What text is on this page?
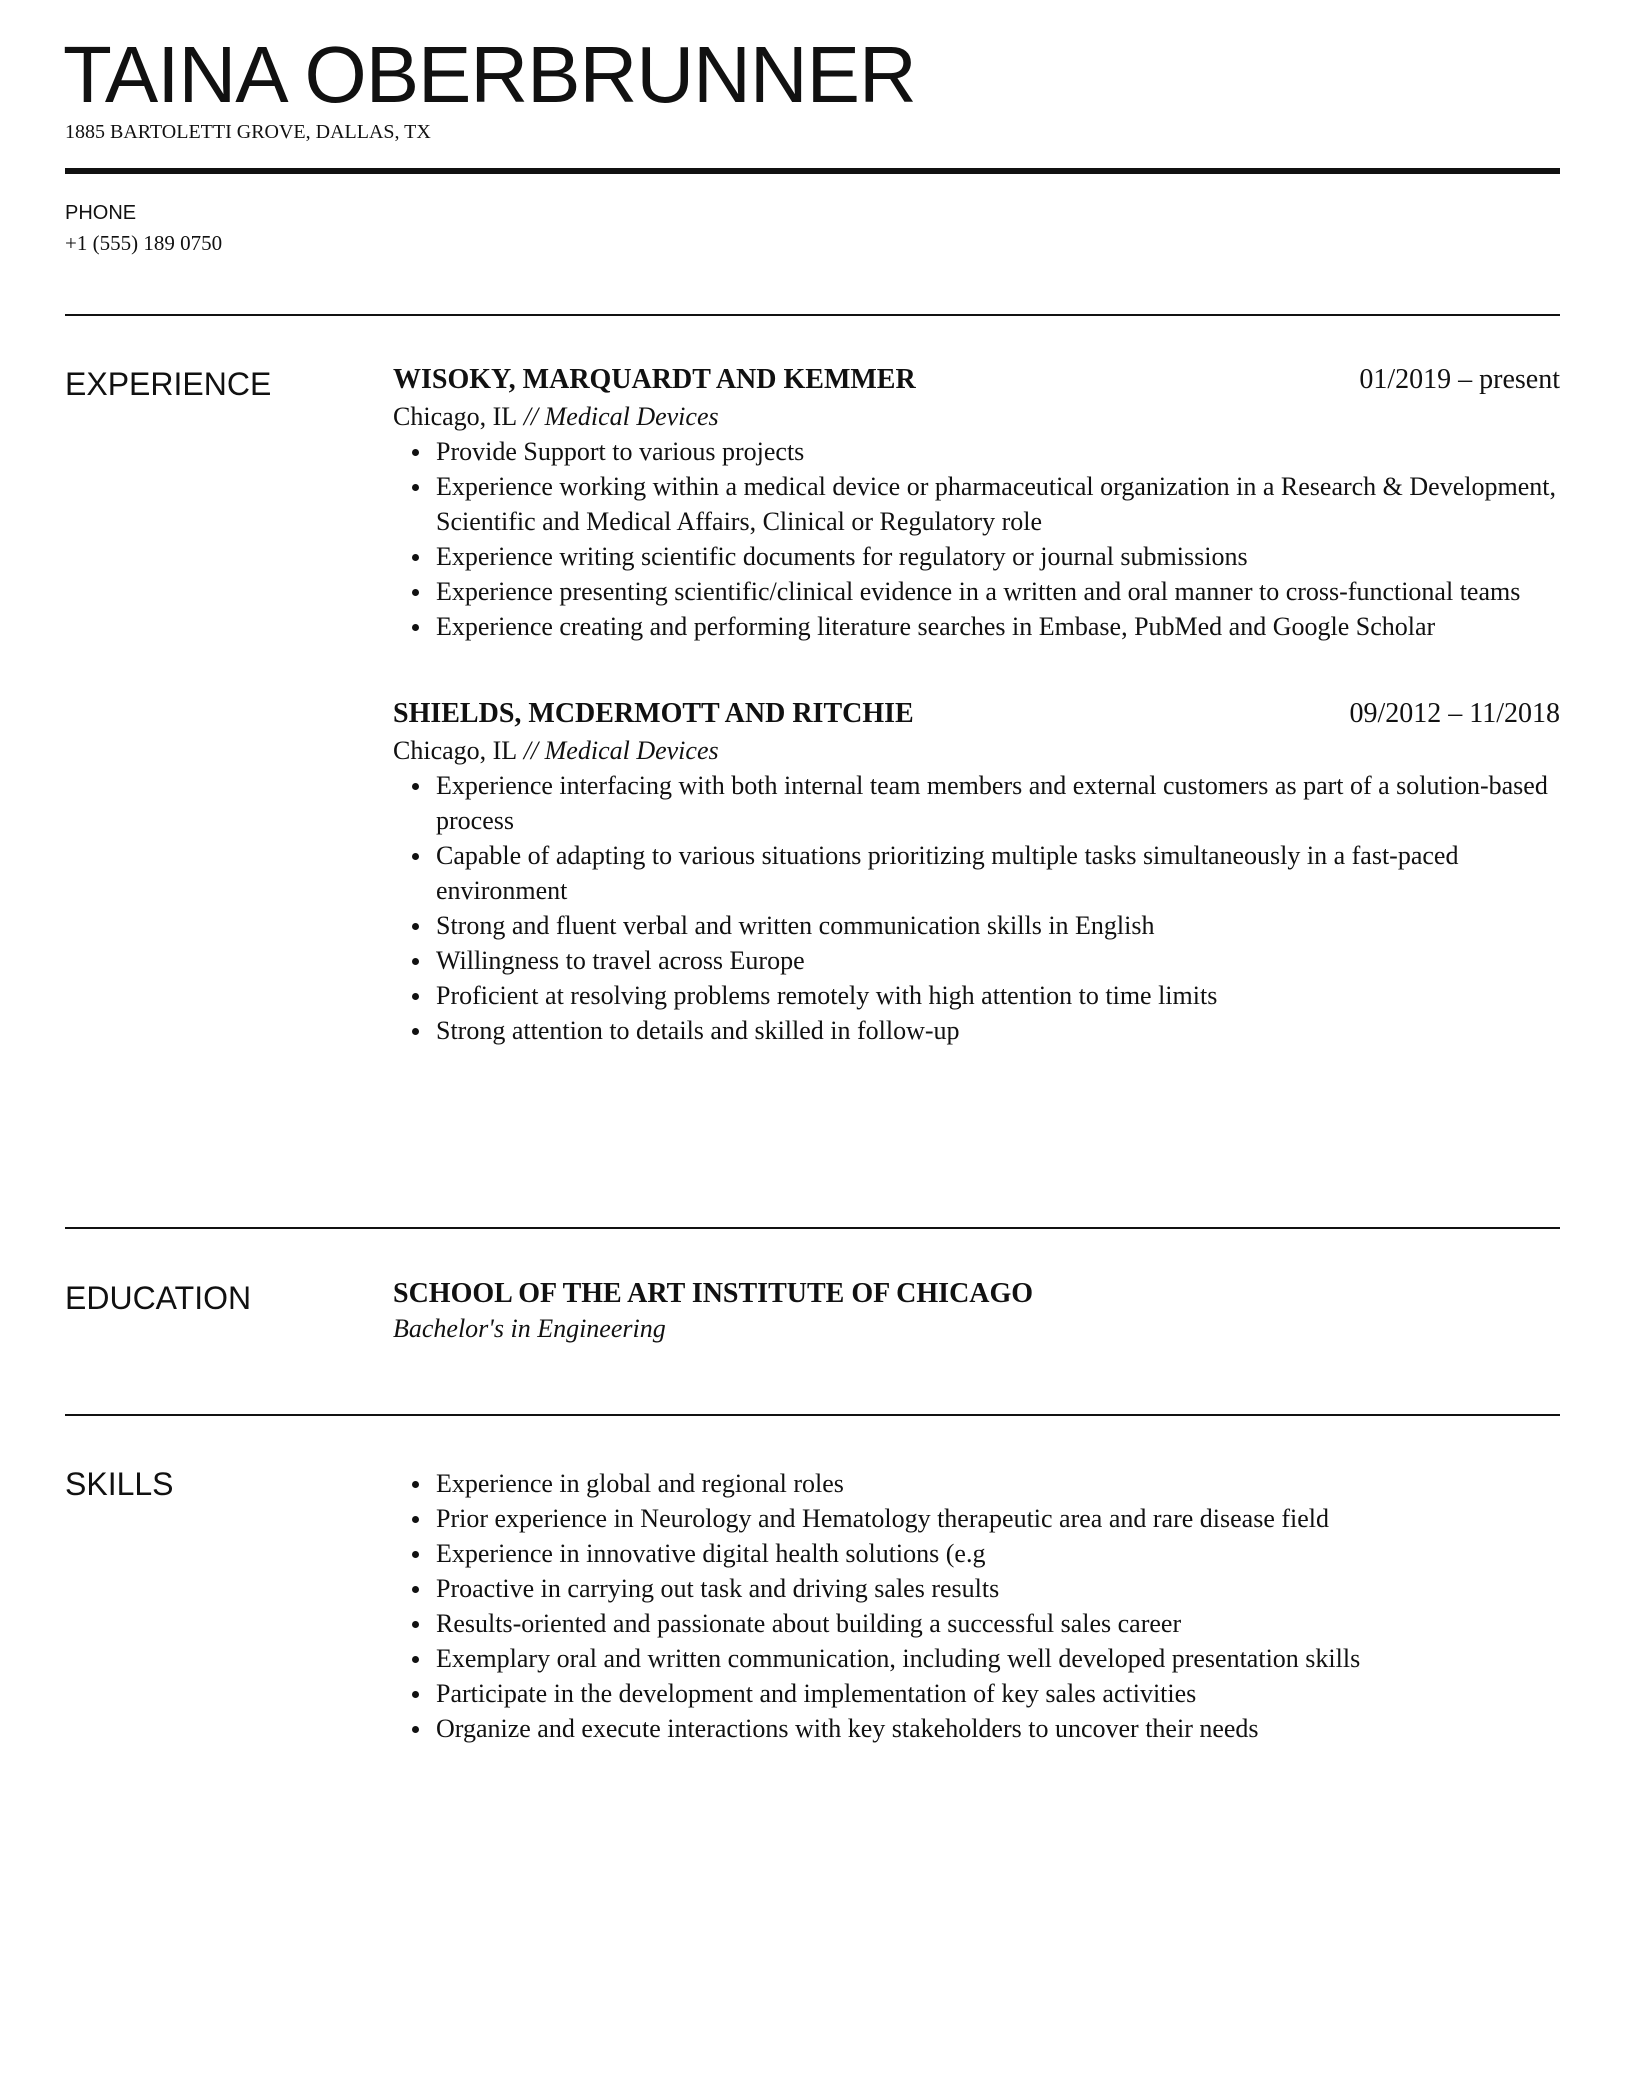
TAINA OBERBRUNNER
1885 BARTOLETTI GROVE, DALLAS, TX
PHONE
+1 (555) 189 0750
EXPERIENCE	WISOKY, MARQUARDT AND KEMMER	01/2019 – present
Chicago, IL // Medical Devices
Provide Support to various projects
Experience working within a medical device or pharmaceutical organization in a Research & Development, Scientific and Medical Affairs, Clinical or Regulatory role
Experience writing scientific documents for regulatory or journal submissions
Experience presenting scientific/clinical evidence in a written and oral manner to cross-functional teams
Experience creating and performing literature searches in Embase, PubMed and Google Scholar
SHIELDS, MCDERMOTT AND RITCHIE	09/2012 – 11/2018
Chicago, IL // Medical Devices
Experience interfacing with both internal team members and external customers as part of a solution-based process
Capable of adapting to various situations prioritizing multiple tasks simultaneously in a fast-paced environment
Strong and fluent verbal and written communication skills in English
Willingness to travel across Europe
Proficient at resolving problems remotely with high attention to time limits
Strong attention to details and skilled in follow-up
EDUCATION	SCHOOL OF THE ART INSTITUTE OF CHICAGO
Bachelor's in Engineering
SKILLS	Experience in global and regional roles
Prior experience in Neurology and Hematology therapeutic area and rare disease field
Experience in innovative digital health solutions (e.g
Proactive in carrying out task and driving sales results
Results-oriented and passionate about building a successful sales career
Exemplary oral and written communication, including well developed presentation skills
Participate in the development and implementation of key sales activities
Organize and execute interactions with key stakeholders to uncover their needs
